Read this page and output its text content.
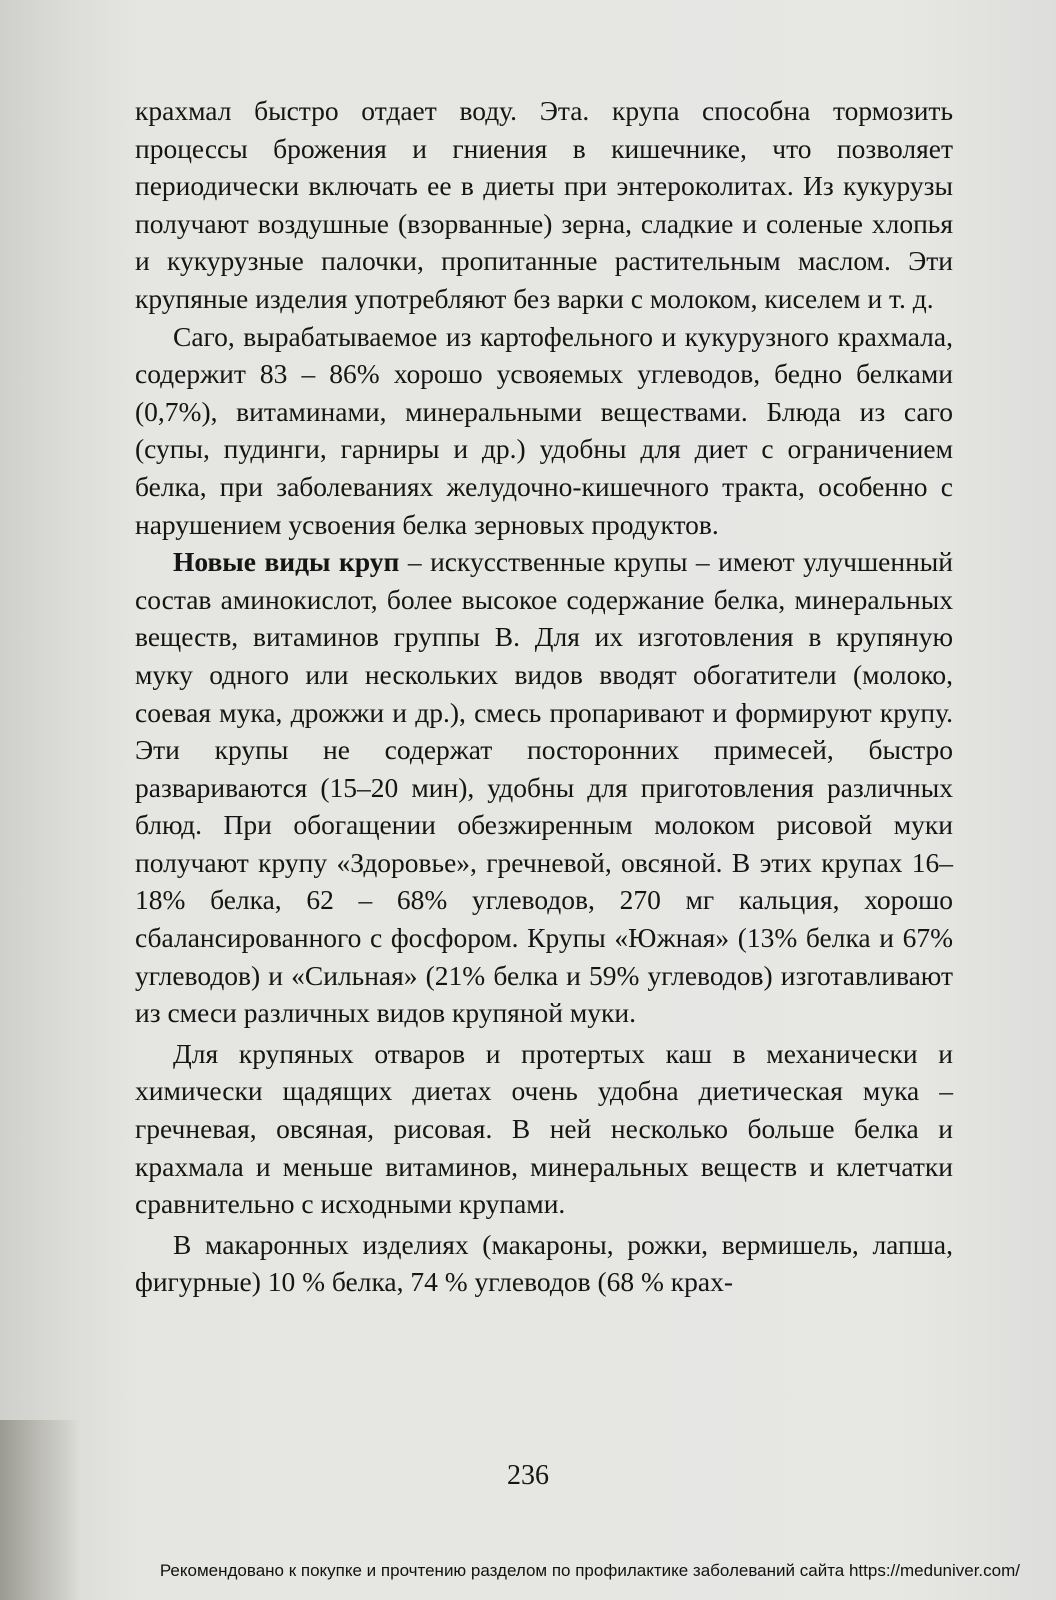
крахмал быстро отдает воду. Эта. крупа способна тормозить процессы брожения и гниения в кишечнике, что позволяет периодически включать ее в диеты при энтероколитах. Из кукурузы получают воздушные (взорванные) зерна, сладкие и соленые хлопья и кукурузные палочки, пропитанные растительным маслом. Эти крупяные изделия употребляют без варки с молоком, киселем и т. д.

Саго, вырабатываемое из картофельного и кукурузного крахмала, содержит 83 – 86% хорошо усвояемых углеводов, бедно белками (0,7%), витаминами, минеральными веществами. Блюда из саго (супы, пудинги, гарниры и др.) удобны для диет с ограничением белка, при заболеваниях желудочно-кишечного тракта, особенно с нарушением усвоения белка зерновых продуктов.

Новые виды круп – искусственные крупы – имеют улучшенный состав аминокислот, более высокое содержание белка, минеральных веществ, витаминов группы В. Для их изготовления в крупяную муку одного или нескольких видов вводят обогатители (молоко, соевая мука, дрожжи и др.), смесь пропаривают и формируют крупу. Эти крупы не содержат посторонних примесей, быстро развариваются (15–20 мин), удобны для приготовления различных блюд. При обогащении обезжиренным молоком рисовой муки получают крупу «Здоровье», гречневой, овсяной. В этих крупах 16–18% белка, 62 – 68% углеводов, 270 мг кальция, хорошо сбалансированного с фосфором. Крупы «Южная» (13% белка и 67% углеводов) и «Сильная» (21% белка и 59% углеводов) изготавливают из смеси различных видов крупяной муки.

Для крупяных отваров и протертых каш в механически и химически щадящих диетах очень удобна диетическая мука – гречневая, овсяная, рисовая. В ней несколько больше белка и крахмала и меньше витаминов, минеральных веществ и клетчатки сравнительно с исходными крупами.

В макаронных изделиях (макароны, рожки, вермишель, лапша, фигурные) 10 % белка, 74 % углеводов (68 % крах-

236
Рекомендовано к покупке и прочтению разделом по профилактике заболеваний сайта https://meduniver.com/
